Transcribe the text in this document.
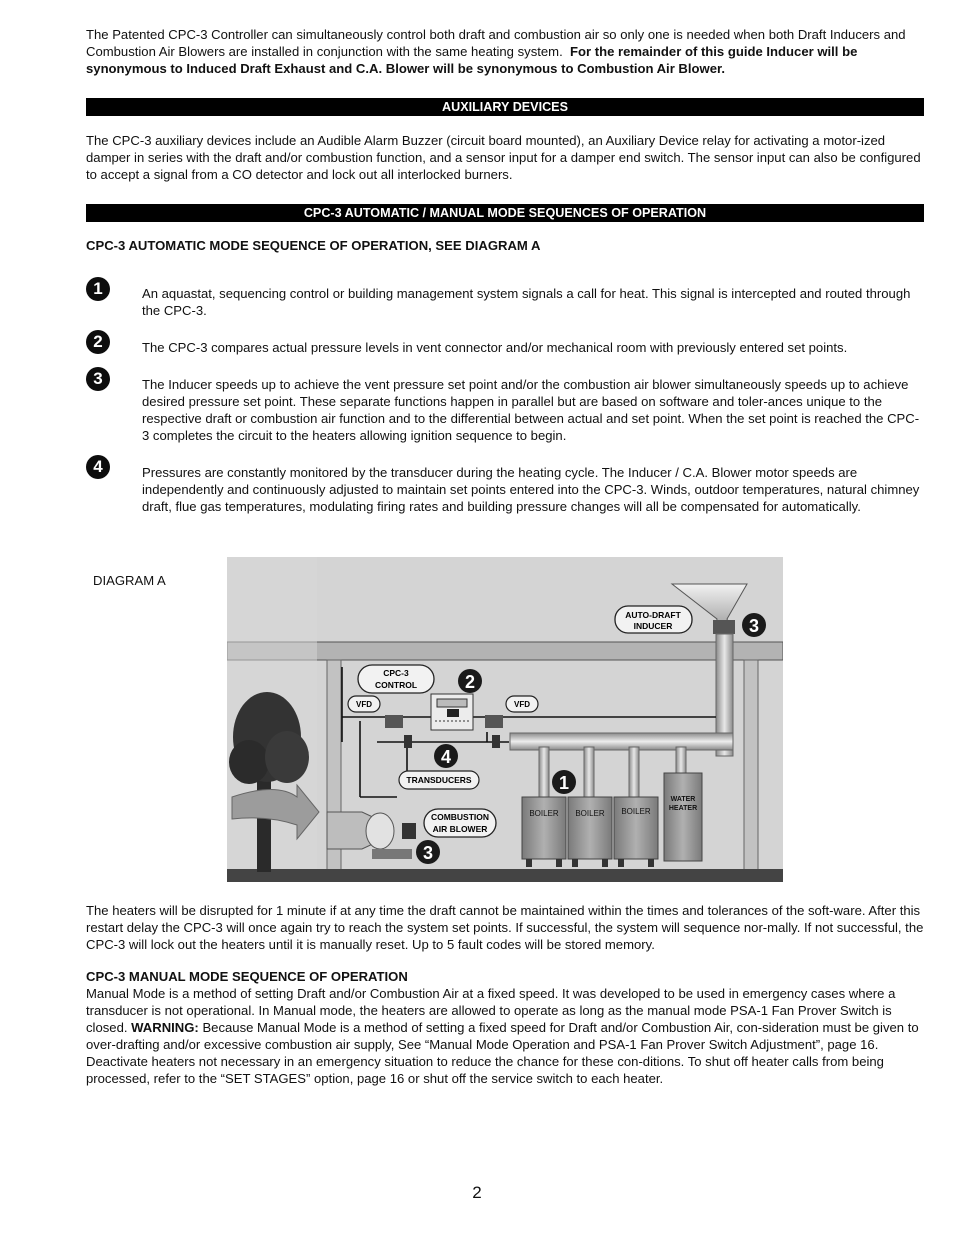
The Patented CPC-3 Controller can simultaneously control both draft and combustion air so only one is needed when both Draft Inducers and Combustion Air Blowers are installed in conjunction with the same heating system. For the remainder of this guide Inducer will be synonymous to Induced Draft Exhaust and C.A. Blower will be synonymous to Combustion Air Blower.

AUXILIARY DEVICES

The CPC-3 auxiliary devices include an Audible Alarm Buzzer (circuit board mounted), an Auxiliary Device relay for activating a motor-ized damper in series with the draft and/or combustion function, and a sensor input for a damper end switch. The sensor input can also be configured to accept a signal from a CO detector and lock out all interlocked burners.

CPC-3 AUTOMATIC / MANUAL MODE SEQUENCES OF OPERATION
CPC-3 AUTOMATIC MODE SEQUENCE OF OPERATION, SEE DIAGRAM A
1	An aquastat, sequencing control or building management system signals a call for heat. This signal is intercepted and routed through the CPC-3.

2	The CPC-3 compares actual pressure levels in vent connector and/or mechanical room with previously entered set points.

3	The Inducer speeds up to achieve the vent pressure set point and/or the combustion air blower simultaneously speeds up to achieve desired pressure set point. These separate functions happen in parallel but are based on software and toler-ances unique to the respective draft or combustion air function and to the differential between actual and set point. When the set point is reached the CPC-3 completes the circuit to the heaters allowing ignition sequence to begin.

4	Pressures are constantly monitored by the transducer during the heating cycle. The Inducer / C.A. Blower motor speeds are independently and continuously adjusted to maintain set points entered into the CPC-3. Winds, outdoor temperatures, natural chimney draft, flue gas temperatures, modulating firing rates and building pressure changes will all be compensated for automatically.

DIAGRAM A
BOILER BOILER BOILER
WATER
HEATER
AUTO-DRAFT
INDUCER
CPC-3
CONTROL
VFD	VFD
TRANSDUCERS
COMBUSTION
AIR BLOWER
1
2
3
3
4

The heaters will be disrupted for 1 minute if at any time the draft cannot be maintained within the times and tolerances of the soft-ware. After this restart delay the CPC-3 will once again try to reach the system set points. If successful, the system will sequence nor-mally. If not successful, the CPC-3 will lock out the heaters until it is manually reset. Up to 5 fault codes will be stored memory.

CPC-3 MANUAL MODE SEQUENCE OF OPERATION

Manual Mode is a method of setting Draft and/or Combustion Air at a fixed speed. It was developed to be used in emergency cases where a transducer is not operational. In Manual mode, the heaters are allowed to operate as long as the manual mode PSA-1 Fan Prover Switch is closed. WARNING: Because Manual Mode is a method of setting a fixed speed for Draft and/or Combustion Air, con-sideration must be given to over-drafting and/or excessive combustion air supply, See “Manual Mode Operation and PSA-1 Fan Prover Switch Adjustment”, page 16. Deactivate heaters not necessary in an emergency situation to reduce the chance for these con-ditions. To shut off heater calls from being processed, refer to the “SET STAGES” option, page 16 or shut off the service switch to each heater.

2
